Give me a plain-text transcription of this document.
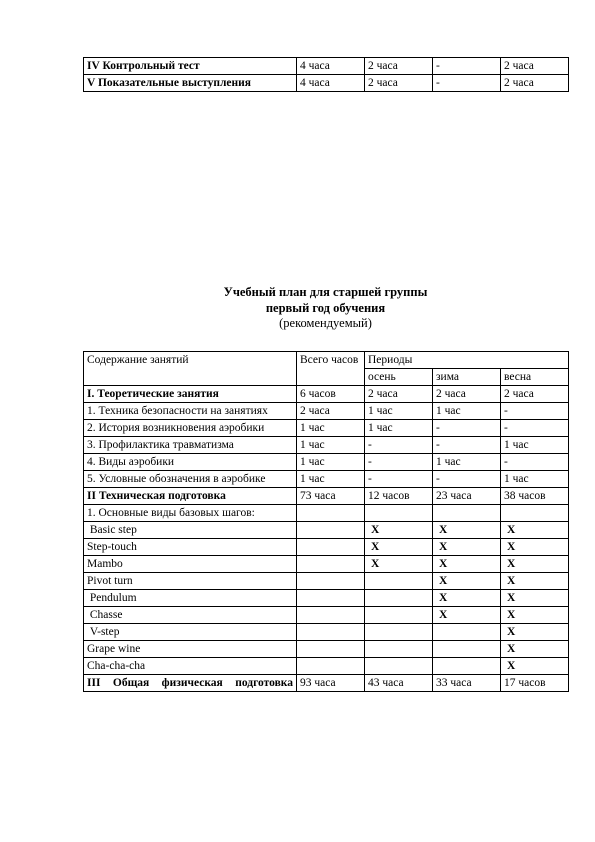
IV Контрольный тест	4 часа	2 часа	-	2 часа
V Показательные выступления	4 часа	2 часа	-	2 часа
Учебный план для старшей группы
первый год обучения
(рекомендуемый)
Содержание занятий	Всего часов	Периоды		
		осень	зима	весна
I. Теоретические занятия	6 часов	2 часа	2 часа	2 часа
1. Техника безопасности на занятиях	2 часа	1 час	1 час	-
2. История возникновения аэробики	1 час	1 час	-	-
3. Профилактика травматизма	1 час	-	-	1 час
4. Виды аэробики	1 час	-	1 час	-
5. Условные обозначения в аэробике	1 час	-	-	1 час
II Техническая подготовка	73 часа	12 часов	23 часа	38 часов
1. Основные виды базовых шагов:				
Basic step		X	X	X
Step-touch		X	X	X
Mambo		X	X	X
Pivot turn			X	X
Pendulum			X	X
Chasse			X	X
V-step				X
Grape wine				X
Cha-cha-cha				X
III Общая физическая подготовка	93 часа	43 часа	33 часа	17 часов
